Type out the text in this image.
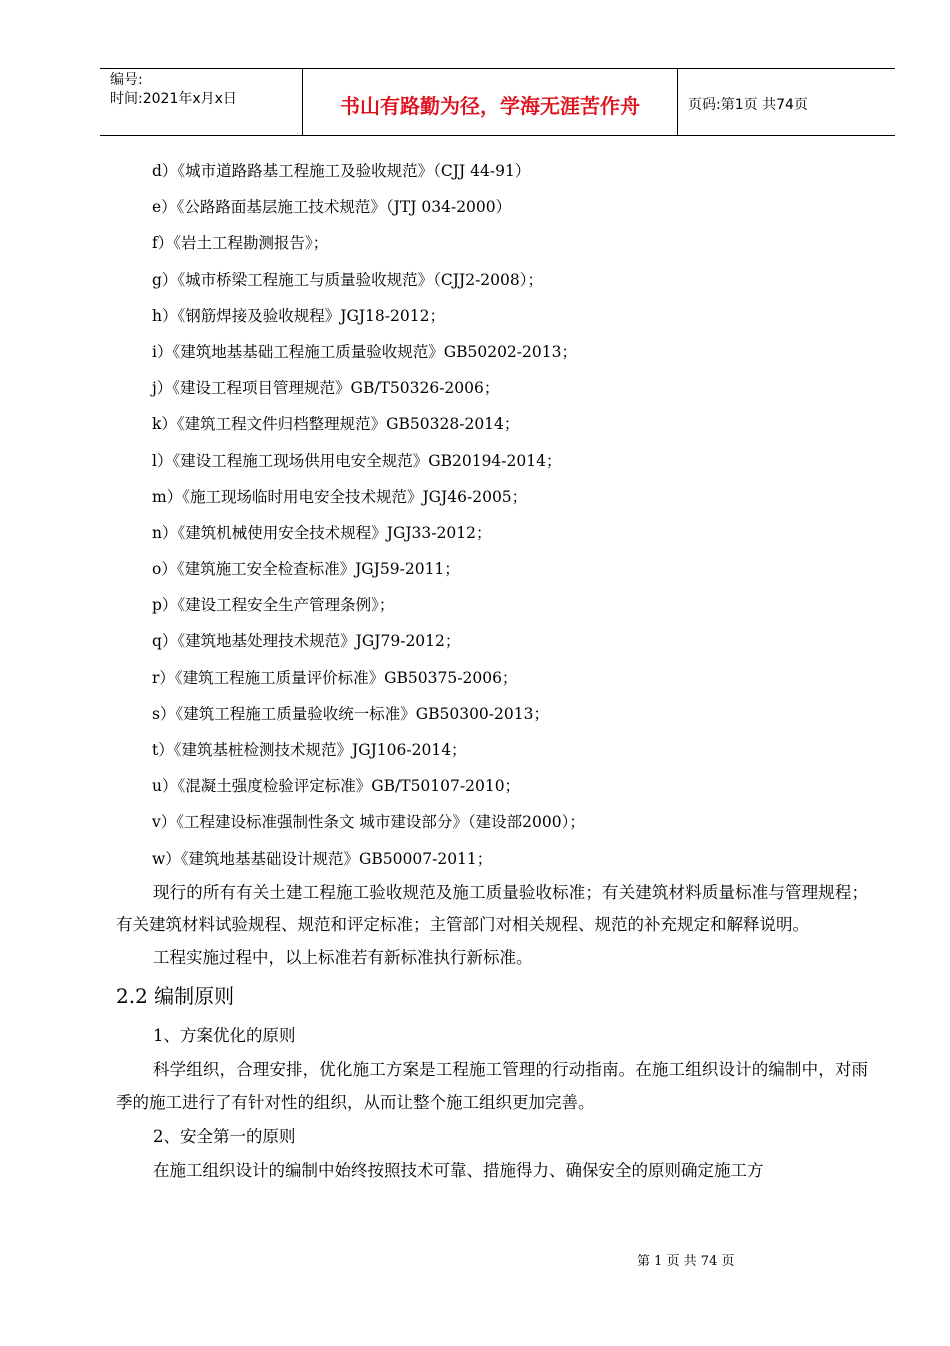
编号:
时间:2021年x月x日	书山有路勤为径，学海无涯苦作舟	页码:第1页 共74页
d）《城市道路路基工程施工及验收规范》（CJJ 44-91）
e）《公路路面基层施工技术规范》（JTJ 034-2000）
f）《岩土工程勘测报告》；
g）《城市桥梁工程施工与质量验收规范》（CJJ2-2008）；
h）《钢筋焊接及验收规程》JGJ18-2012；
i）《建筑地基基础工程施工质量验收规范》GB50202-2013；
j）《建设工程项目管理规范》GB/T50326-2006；
k）《建筑工程文件归档整理规范》GB50328-2014；
l）《建设工程施工现场供用电安全规范》GB20194-2014；
m）《施工现场临时用电安全技术规范》JGJ46-2005；
n）《建筑机械使用安全技术规程》JGJ33-2012；
o）《建筑施工安全检查标准》JGJ59-2011；
p）《建设工程安全生产管理条例》；
q）《建筑地基处理技术规范》JGJ79-2012；
r）《建筑工程施工质量评价标准》GB50375-2006；
s）《建筑工程施工质量验收统一标准》GB50300-2013；
t）《建筑基桩检测技术规范》JGJ106-2014；
u）《混凝土强度检验评定标准》GB/T50107-2010；
v）《工程建设标准强制性条文 城市建设部分》（建设部2000）；
w）《建筑地基基础设计规范》GB50007-2011；

现行的所有有关土建工程施工验收规范及施工质量验收标准；有关建筑材料质量标准与管理规程；有关建筑材料试验规程、规范和评定标准；主管部门对相关规程、规范的补充规定和解释说明。

工程实施过程中，以上标准若有新标准执行新标准。

2.2 编制原则

1、方案优化的原则

科学组织，合理安排，优化施工方案是工程施工管理的行动指南。在施工组织设计的编制中，对雨季的施工进行了有针对性的组织，从而让整个施工组织更加完善。

2、安全第一的原则

在施工组织设计的编制中始终按照技术可靠、措施得力、确保安全的原则确定施工方

第 1 页 共 74 页
